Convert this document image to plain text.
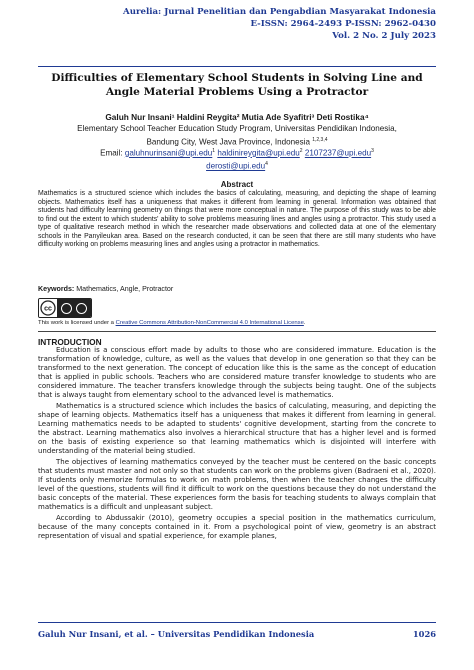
Aurelia: Jurnal Penelitian dan Pengabdian Masyarakat Indonesia
E-ISSN: 2964-2493 P-ISSN: 2962-0430
Vol. 2 No. 2 July 2023
Difficulties of Elementary School Students in Solving Line and Angle Material Problems Using a Protractor
Galuh Nur Insani¹ Haldini Reygita² Mutia Ade Syafitri³ Deti Rostika⁴
Elementary School Teacher Education Study Program, Universitas Pendidikan Indonesia,
Bandung City, West Java Province, Indonesia $^{1,2,3,4}$
Email: galuhnurinsani@upi.edu$^1$ haldinireygita@upi.edu$^2$ 2107237@upi.edu$^3$
derosti@upi.edu$^4$
Abstract

Mathematics is a structured science which includes the basics of calculating, measuring, and depicting the shape of learning objects. Mathematics itself has a uniqueness that makes it different from learning in general. Information was obtained that students had difficulty learning geometry on things that were more conceptual in nature. The purpose of this study was to be able to find out the extent to which students' ability to solve problems measuring lines and angles using a protractor. This study used a type of qualitative research method in which the researcher made observations and collected data at one of the elementary schools in the Panyileukan area. Based on the research conducted, it can be seen that there are still many students who have difficulty working on problems measuring lines and angles using a protractor in mathematics.

Keywords: Mathematics, Angle, Protractor
cc
This work is licensed under a Creative Commons Attribution-NonCommercial 4.0 International License.
INTRODUCTION

Education is a conscious effort made by adults to those who are considered immature. Education is the transformation of knowledge, culture, as well as the values that develop in one generation so that they can be transformed to the next generation. The concept of education like this is the same as the concept of education that is applied in public schools. Teachers who are considered mature transfer knowledge to students who are considered immature. The teacher transfers knowledge through the subjects being taught. One of the subjects that is always taught from elementary school to the advanced level is mathematics.

Mathematics is a structured science which includes the basics of calculating, measuring, and depicting the shape of learning objects. Mathematics itself has a uniqueness that makes it different from learning in general. Learning mathematics needs to be adapted to students' cognitive development, starting from the concrete to the abstract. Learning mathematics also involves a hierarchical structure that has a higher level and is formed on the basis of existing experience so that learning mathematics which is disjointed will interfere with understanding of the material being studied.

The objectives of learning mathematics conveyed by the teacher must be centered on the basic concepts that students must master and not only so that students can work on the problems given (Badraeni et al., 2020). If students only memorize formulas to work on math problems, then when the teacher changes the difficulty level of the questions, students will find it difficult to work on the questions because they do not understand the basic concepts of the material. These experiences form the basis for teaching students to always complain that mathematics is a difficult and unpleasant subject.

According to Abdussakir (2010), geometry occupies a special position in the mathematics curriculum, because of the many concepts contained in it. From a psychological point of view, geometry is an abstract representation of visual and spatial experience, for example planes,

Galuh Nur Insani, et al. – Universitas Pendidikan Indonesia	1026
